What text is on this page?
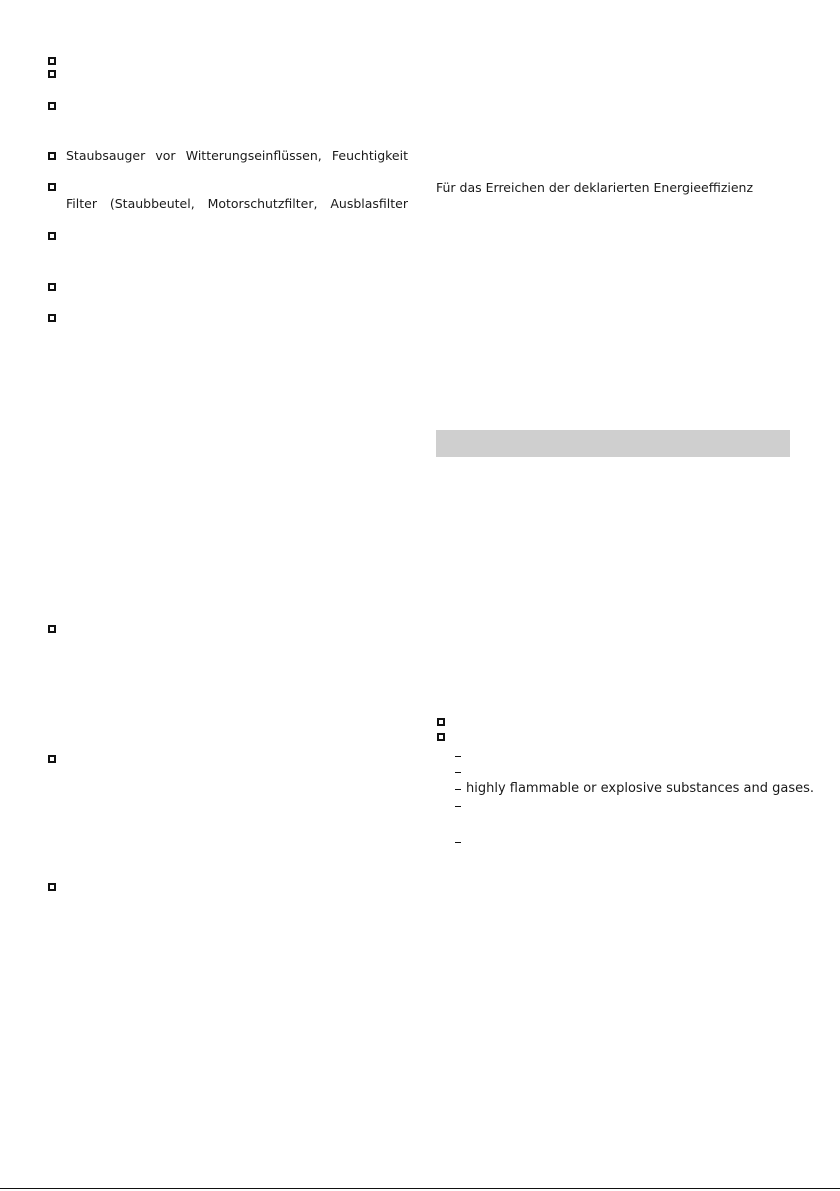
Staubsauger vor Witterungseinflüssen, Feuchtigkeit
Filter (Staubbeutel, Motorschutzfilter, Ausblasfilter
Für das Erreichen der deklarierten Energieeffizienz
highly flammable or explosive substances and gases.
